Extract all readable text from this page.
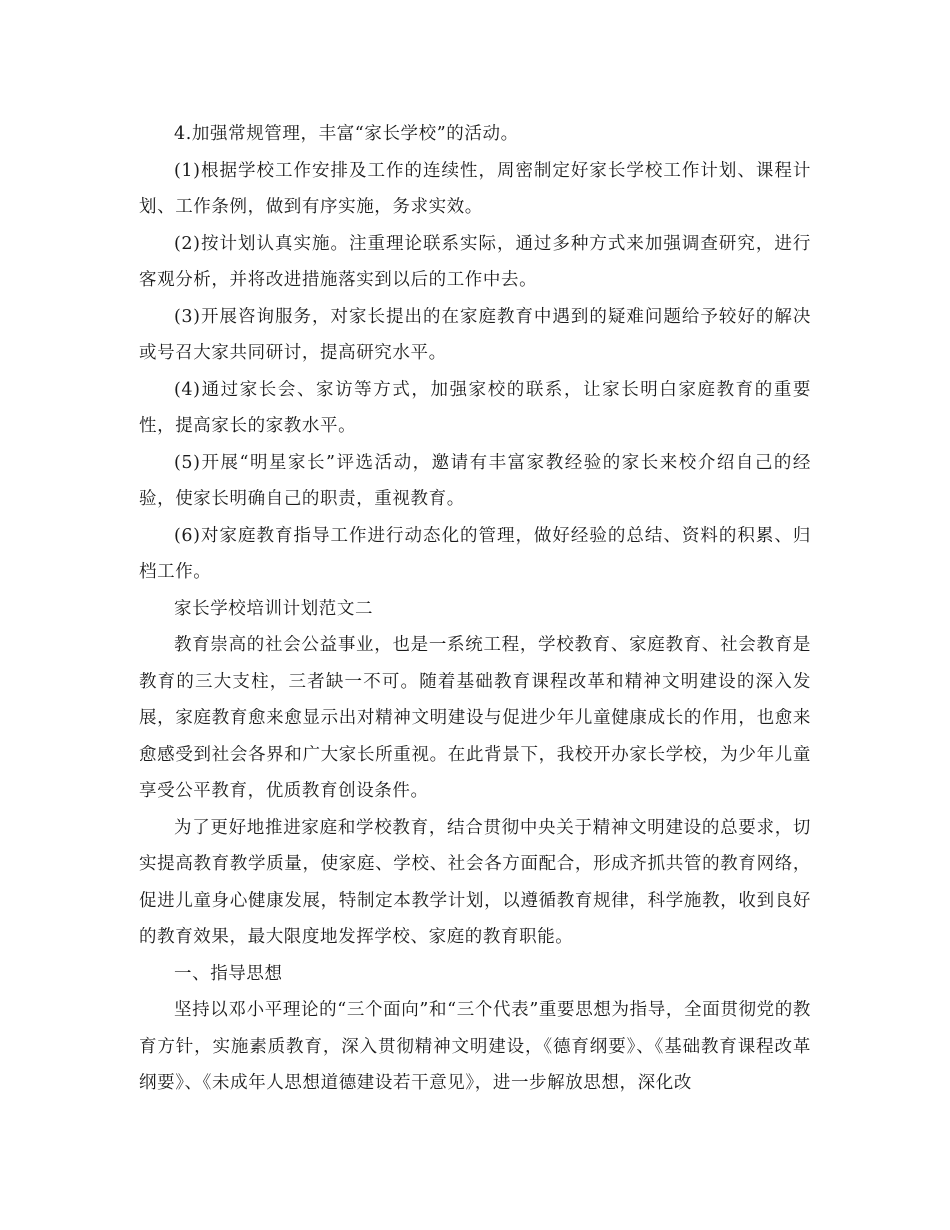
4.加强常规管理，丰富“家长学校”的活动。

(1)根据学校工作安排及工作的连续性，周密制定好家长学校工作计划、课程计划、工作条例，做到有序实施，务求实效。

(2)按计划认真实施。注重理论联系实际，通过多种方式来加强调查研究，进行客观分析，并将改进措施落实到以后的工作中去。

(3)开展咨询服务，对家长提出的在家庭教育中遇到的疑难问题给予较好的解决或号召大家共同研讨，提高研究水平。

(4)通过家长会、家访等方式，加强家校的联系，让家长明白家庭教育的重要性，提高家长的家教水平。

(5)开展“明星家长”评选活动，邀请有丰富家教经验的家长来校介绍自己的经验，使家长明确自己的职责，重视教育。

(6)对家庭教育指导工作进行动态化的管理，做好经验的总结、资料的积累、归档工作。

家长学校培训计划范文二

教育崇高的社会公益事业，也是一系统工程，学校教育、家庭教育、社会教育是教育的三大支柱，三者缺一不可。随着基础教育课程改革和精神文明建设的深入发展，家庭教育愈来愈显示出对精神文明建设与促进少年儿童健康成长的作用，也愈来愈感受到社会各界和广大家长所重视。在此背景下，我校开办家长学校，为少年儿童享受公平教育，优质教育创设条件。

为了更好地推进家庭和学校教育，结合贯彻中央关于精神文明建设的总要求，切实提高教育教学质量，使家庭、学校、社会各方面配合，形成齐抓共管的教育网络，促进儿童身心健康发展，特制定本教学计划，以遵循教育规律，科学施教，收到良好的教育效果，最大限度地发挥学校、家庭的教育职能。

一、指导思想

坚持以邓小平理论的“三个面向”和“三个代表”重要思想为指导，全面贯彻党的教育方针，实施素质教育，深入贯彻精神文明建设，《德育纲要》、《基础教育课程改革纲要》、《未成年人思想道德建设若干意见》，进一步解放思想，深化改
